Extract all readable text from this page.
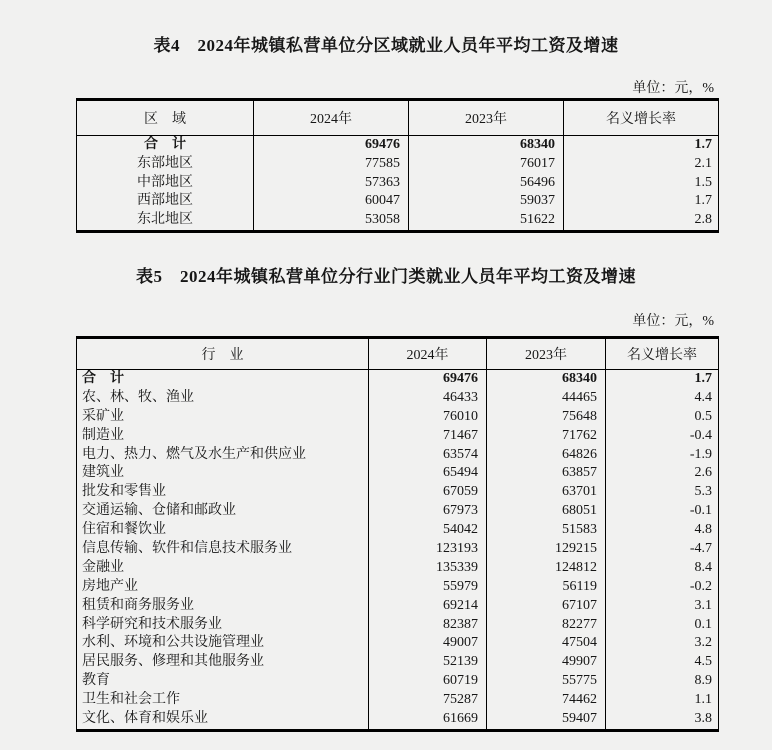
表4　2024年城镇私营单位分区域就业人员年平均工资及增速
单位：元，%
区　域	2024年	2023年	名义增长率
合　计	69476	68340	1.7
东部地区	77585	76017	2.1
中部地区	57363	56496	1.5
西部地区	60047	59037	1.7
东北地区	53058	51622	2.8
表5　2024年城镇私营单位分行业门类就业人员年平均工资及增速
单位：元，%
行　业	2024年	2023年	名义增长率
合　计	69476	68340	1.7
农、林、牧、渔业	46433	44465	4.4
采矿业	76010	75648	0.5
制造业	71467	71762	-0.4
电力、热力、燃气及水生产和供应业	63574	64826	-1.9
建筑业	65494	63857	2.6
批发和零售业	67059	63701	5.3
交通运输、仓储和邮政业	67973	68051	-0.1
住宿和餐饮业	54042	51583	4.8
信息传输、软件和信息技术服务业	123193	129215	-4.7
金融业	135339	124812	8.4
房地产业	55979	56119	-0.2
租赁和商务服务业	69214	67107	3.1
科学研究和技术服务业	82387	82277	0.1
水利、环境和公共设施管理业	49007	47504	3.2
居民服务、修理和其他服务业	52139	49907	4.5
教育	60719	55775	8.9
卫生和社会工作	75287	74462	1.1
文化、体育和娱乐业	61669	59407	3.8
